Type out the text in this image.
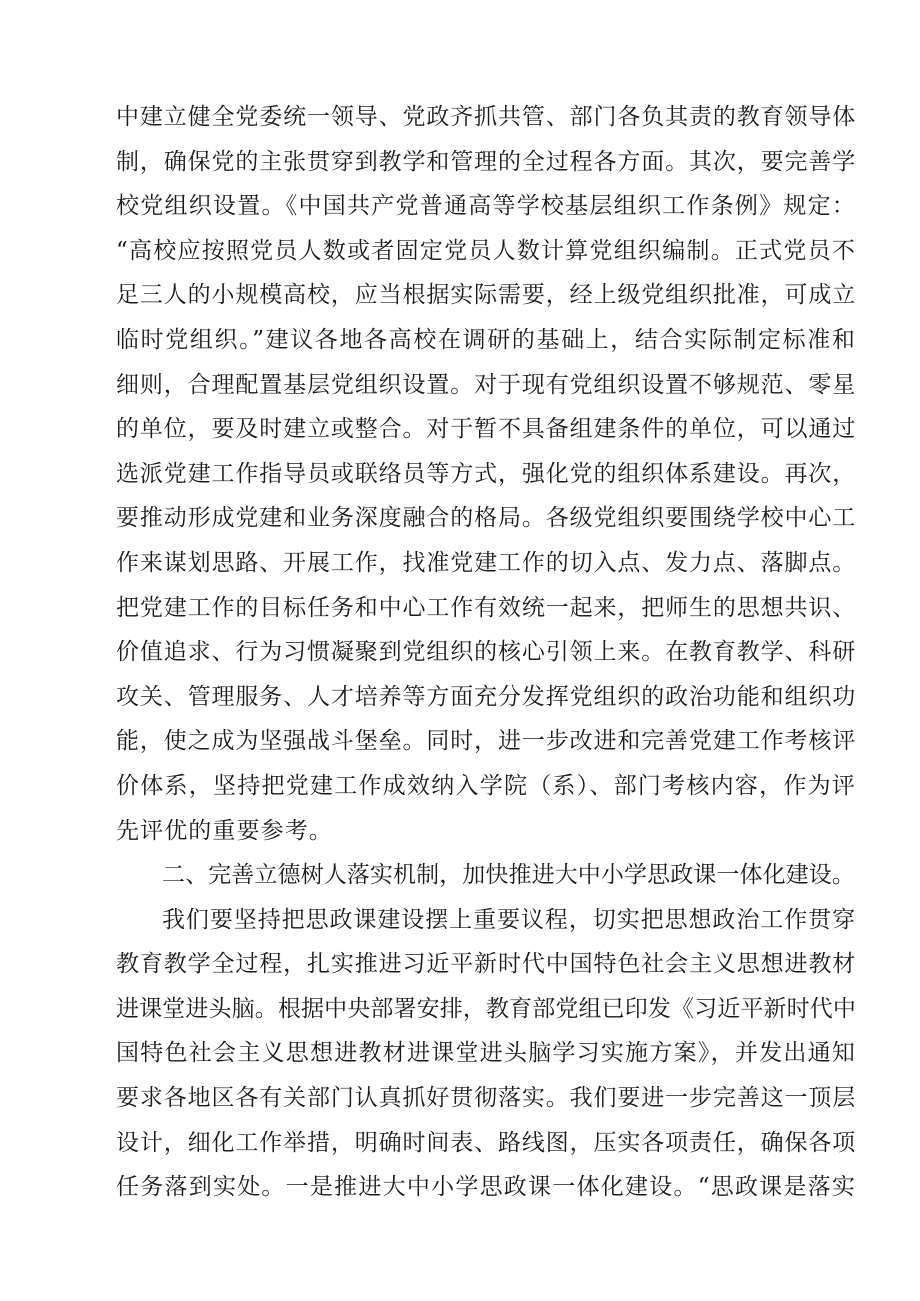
中建立健全党委统一领导、党政齐抓共管、部门各负其责的教育领导体
制，确保党的主张贯穿到教学和管理的全过程各方面。其次，要完善学
校党组织设置。《中国共产党普通高等学校基层组织工作条例》规定：
“高校应按照党员人数或者固定党员人数计算党组织编制。正式党员不
足三人的小规模高校，应当根据实际需要，经上级党组织批准，可成立
临时党组织。”建议各地各高校在调研的基础上，结合实际制定标准和
细则，合理配置基层党组织设置。对于现有党组织设置不够规范、零星
的单位，要及时建立或整合。对于暂不具备组建条件的单位，可以通过
选派党建工作指导员或联络员等方式，强化党的组织体系建设。再次，
要推动形成党建和业务深度融合的格局。各级党组织要围绕学校中心工
作来谋划思路、开展工作，找准党建工作的切入点、发力点、落脚点。
把党建工作的目标任务和中心工作有效统一起来，把师生的思想共识、
价值追求、行为习惯凝聚到党组织的核心引领上来。在教育教学、科研
攻关、管理服务、人才培养等方面充分发挥党组织的政治功能和组织功
能，使之成为坚强战斗堡垒。同时，进一步改进和完善党建工作考核评
价体系，坚持把党建工作成效纳入学院（系）、部门考核内容，作为评
先评优的重要参考。
二、完善立德树人落实机制，加快推进大中小学思政课一体化建设。
我们要坚持把思政课建设摆上重要议程，切实把思想政治工作贯穿
教育教学全过程，扎实推进习近平新时代中国特色社会主义思想进教材
进课堂进头脑。根据中央部署安排，教育部党组已印发《习近平新时代中
国特色社会主义思想进教材进课堂进头脑学习实施方案》，并发出通知
要求各地区各有关部门认真抓好贯彻落实。我们要进一步完善这一顶层
设计，细化工作举措，明确时间表、路线图，压实各项责任，确保各项
任务落到实处。一是推进大中小学思政课一体化建设。“思政课是落实
